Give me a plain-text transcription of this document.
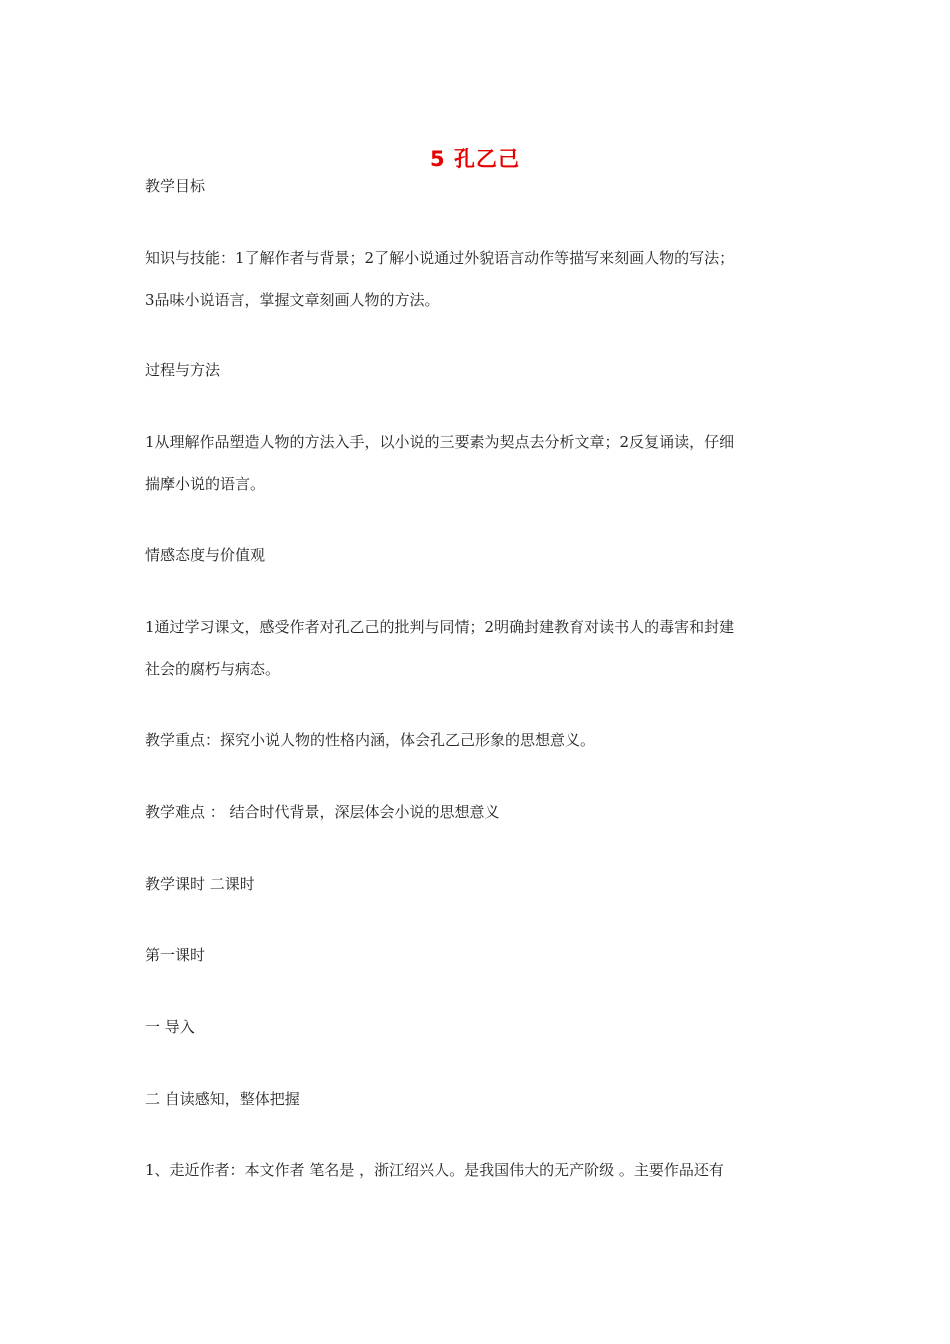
5 孔乙己
教学目标
知识与技能：1了解作者与背景；2了解小说通过外貌语言动作等描写来刻画人物的写法；
3品味小说语言，掌握文章刻画人物的方法。
过程与方法
1从理解作品塑造人物的方法入手，以小说的三要素为契点去分析文章；2反复诵读，仔细
揣摩小说的语言。
情感态度与价值观
1通过学习课文，感受作者对孔乙己的批判与同情；2明确封建教育对读书人的毒害和封建
社会的腐朽与病态。
教学重点：探究小说人物的性格内涵，体会孔乙己形象的思想意义。
教学难点 ： 结合时代背景，深层体会小说的思想意义
教学课时 二课时
第一课时
一 导入
二 自读感知，整体把握
1、走近作者：本文作者 笔名是 ，浙江绍兴人。是我国伟大的无产阶级 。主要作品还有
